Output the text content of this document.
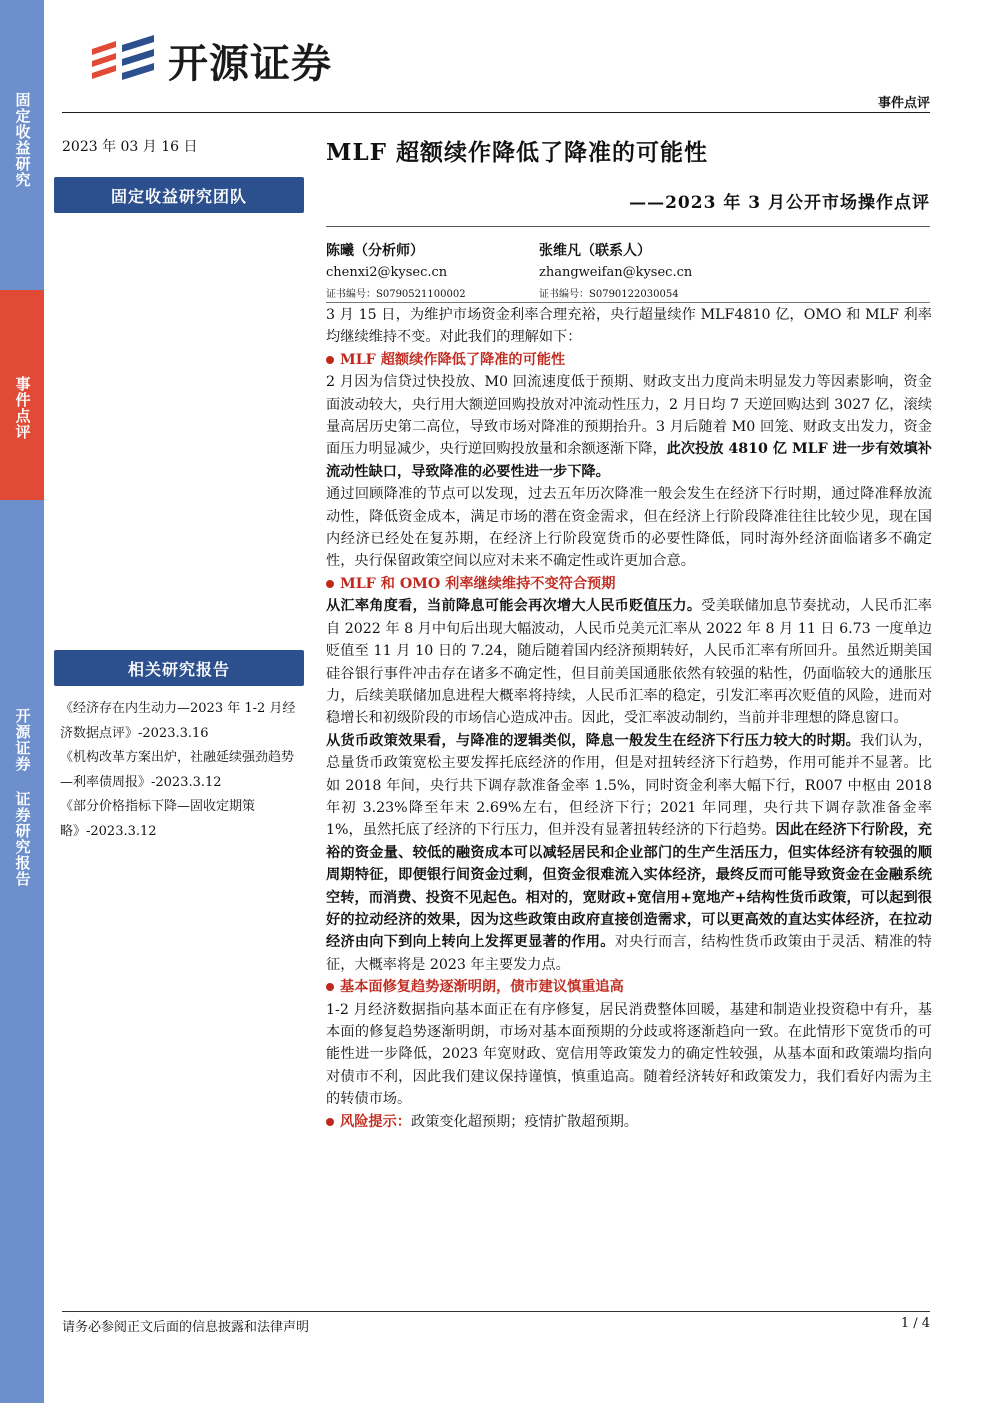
固定收益研究
事件点评
开源证券 证券研究报告
开源证券
事件点评
2023 年 03 月 16 日
固定收益研究团队
相关研究报告

《经济存在内生动力—2023 年 1-2 月经济数据点评》-2023.3.16

《机构改革方案出炉，社融延续强劲趋势—利率债周报》-2023.3.12

《部分价格指标下降—固收定期策略》-2023.3.12

MLF 超额续作降低了降准的可能性
——2023 年 3 月公开市场操作点评
陈曦（分析师）
chenxi2@kysec.cn
证书编号：S0790521100002
张维凡（联系人）
zhangweifan@kysec.cn
证书编号：S0790122030054

3 月 15 日，为维护市场资金利率合理充裕，央行超量续作 MLF4810 亿，OMO 和 MLF 利率均继续维持不变。对此我们的理解如下：

MLF 超额续作降低了降准的可能性

2 月因为信贷过快投放、M0 回流速度低于预期、财政支出力度尚未明显发力等因素影响，资金面波动较大，央行用大额逆回购投放对冲流动性压力，2 月日均 7 天逆回购达到 3027 亿，滚续量高居历史第二高位，导致市场对降准的预期抬升。3 月后随着 M0 回笼、财政支出发力，资金面压力明显减少，央行逆回购投放量和余额逐渐下降，此次投放 4810 亿 MLF 进一步有效填补流动性缺口，导致降准的必要性进一步下降。

通过回顾降准的节点可以发现，过去五年历次降准一般会发生在经济下行时期，通过降准释放流动性，降低资金成本，满足市场的潜在资金需求，但在经济上行阶段降准往往比较少见，现在国内经济已经处在复苏期，在经济上行阶段宽货币的必要性降低，同时海外经济面临诸多不确定性，央行保留政策空间以应对未来不确定性或许更加合意。

MLF 和 OMO 利率继续维持不变符合预期

从汇率角度看，当前降息可能会再次增大人民币贬值压力。受美联储加息节奏扰动，人民币汇率自 2022 年 8 月中旬后出现大幅波动，人民币兑美元汇率从 2022 年 8 月 11 日 6.73 一度单边贬值至 11 月 10 日的 7.24，随后随着国内经济预期转好，人民币汇率有所回升。虽然近期美国硅谷银行事件冲击存在诸多不确定性，但目前美国通胀依然有较强的粘性，仍面临较大的通胀压力，后续美联储加息进程大概率将持续，人民币汇率的稳定，引发汇率再次贬值的风险，进而对稳增长和初级阶段的市场信心造成冲击。因此，受汇率波动制约，当前并非理想的降息窗口。

从货币政策效果看，与降准的逻辑类似，降息一般发生在经济下行压力较大的时期。我们认为，总量货币政策宽松主要发挥托底经济的作用，但是对扭转经济下行趋势，作用可能并不显著。比如 2018 年间，央行共下调存款准备金率 1.5%，同时资金利率大幅下行，R007 中枢由 2018 年初 3.23%降至年末 2.69%左右，但经济下行；2021 年同理，央行共下调存款准备金率 1%，虽然托底了经济的下行压力，但并没有显著扭转经济的下行趋势。因此在经济下行阶段，充裕的资金量、较低的融资成本可以减轻居民和企业部门的生产生活压力，但实体经济有较强的顺周期特征，即便银行间资金过剩，但资金很难流入实体经济，最终反而可能导致资金在金融系统空转，而消费、投资不见起色。相对的，宽财政+宽信用+宽地产+结构性货币政策，可以起到很好的拉动经济的效果，因为这些政策由政府直接创造需求，可以更高效的直达实体经济，在拉动经济由向下到向上转向上发挥更显著的作用。对央行而言，结构性货币政策由于灵活、精准的特征，大概率将是 2023 年主要发力点。

基本面修复趋势逐渐明朗，债市建议慎重追高

1-2 月经济数据指向基本面正在有序修复，居民消费整体回暖，基建和制造业投资稳中有升，基本面的修复趋势逐渐明朗，市场对基本面预期的分歧或将逐渐趋向一致。在此情形下宽货币的可能性进一步降低，2023 年宽财政、宽信用等政策发力的确定性较强，从基本面和政策端均指向对债市不利，因此我们建议保持谨慎，慎重追高。随着经济转好和政策发力，我们看好内需为主的转债市场。

风险提示：政策变化超预期；疫情扩散超预期。

请务必参阅正文后面的信息披露和法律声明	1 / 4
